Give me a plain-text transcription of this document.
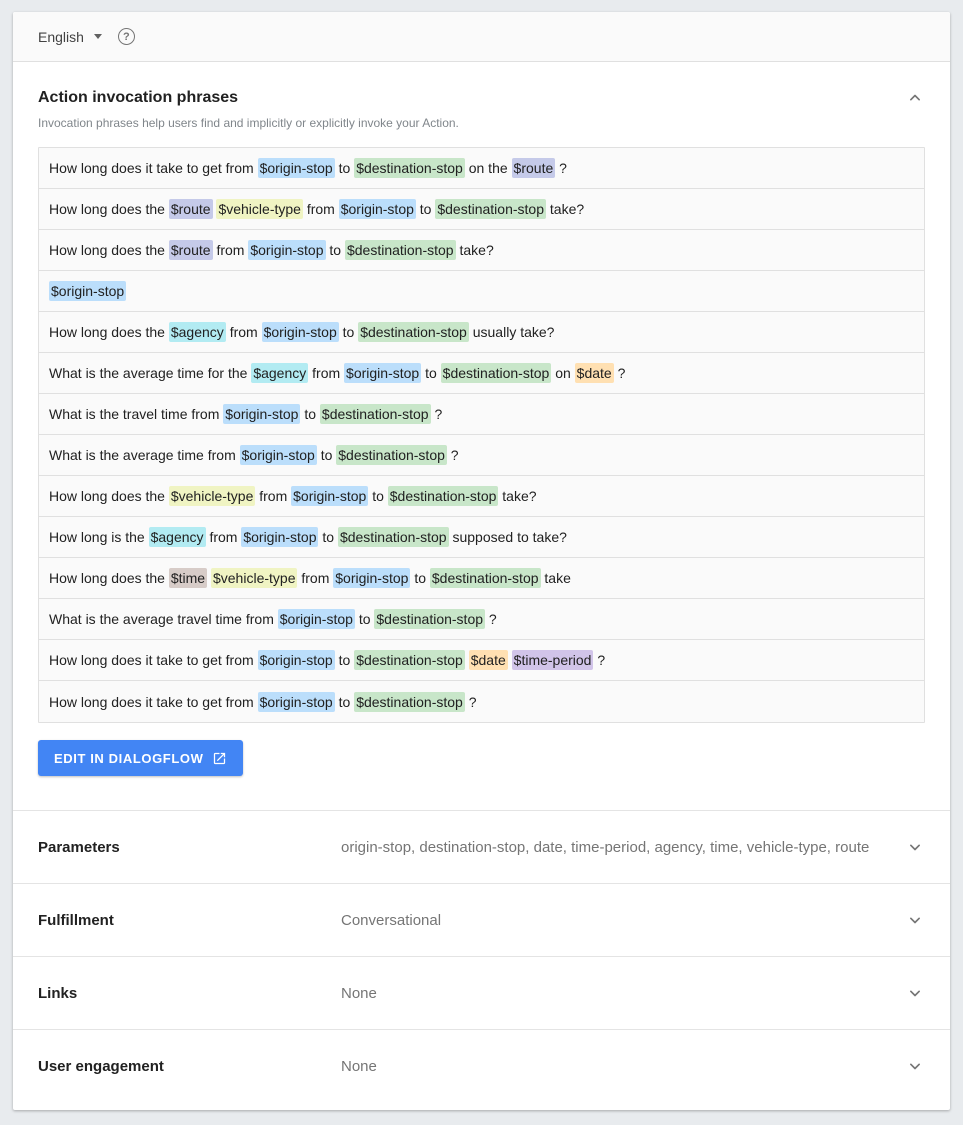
English	?
Action invocation phrases

Invocation phrases help users find and implicitly or explicitly invoke your Action.

How long does it take to get from $origin-stop to $destination-stop on the $route ?
How long does the $route
$vehicle-type from $origin-stop to $destination-stop take?
How long does the $route from $origin-stop to $destination-stop take?
$origin-stop
How long does the $agency from $origin-stop to $destination-stop usually take?
What is the average time for the $agency from $origin-stop to $destination-stop on $date ?
What is the travel time from $origin-stop to $destination-stop ?
What is the average time from $origin-stop to $destination-stop ?
How long does the $vehicle-type from $origin-stop to $destination-stop take?
How long is the $agency from $origin-stop to $destination-stop supposed to take?
How long does the $time
$vehicle-type from $origin-stop to $destination-stop take
What is the average travel time from $origin-stop to $destination-stop ?
How long does it take to get from $origin-stop to $destination-stop
$date
$time-period ?
How long does it take to get from $origin-stop to $destination-stop ?
EDIT IN DIALOGFLOW
Parameters	origin-stop, destination-stop, date, time-period, agency, time, vehicle-type, route
Fulfillment	Conversational
Links	None
User engagement	None
